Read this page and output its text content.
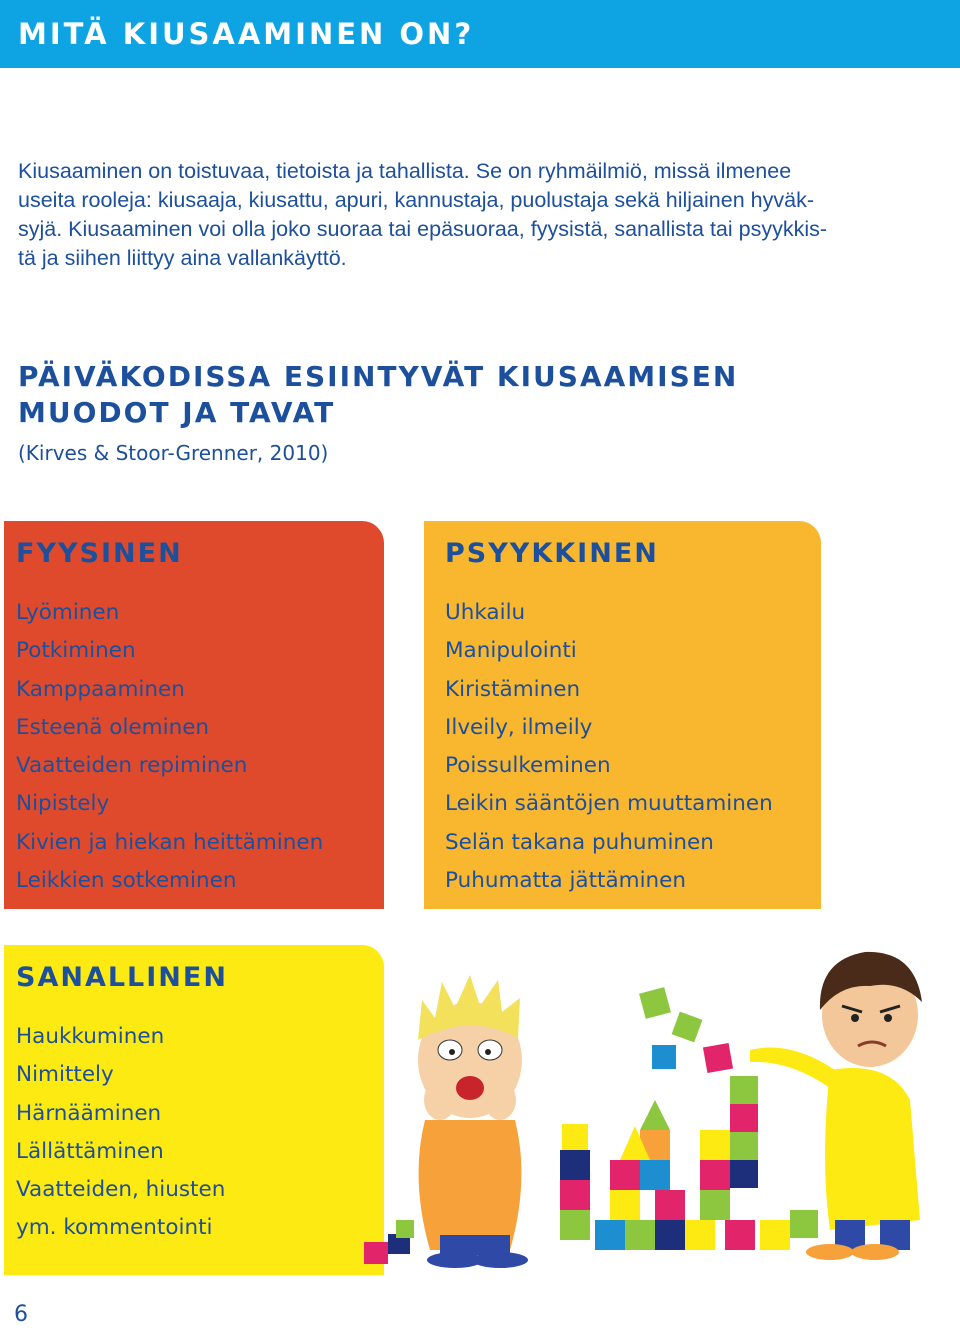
MITÄ KIUSAAMINEN ON?
Kiusaaminen on toistuvaa, tietoista ja tahallista. Se on ryhmäilmiö, missä ilmenee
useita rooleja: kiusaaja, kiusattu, apuri, kannustaja, puolustaja sekä hiljainen hyväk-
syjä. Kiusaaminen voi olla joko suoraa tai epäsuoraa, fyysistä, sanallista tai psyykkis-
tä ja siihen liittyy aina vallankäyttö.
PÄIVÄKODISSA ESIINTYVÄT KIUSAAMISEN
MUODOT JA TAVAT
(Kirves & Stoor-Grenner, 2010)
FYYSINEN
Lyöminen
Potkiminen
Kamppaaminen
Esteenä oleminen
Vaatteiden repiminen
Nipistely
Kivien ja hiekan heittäminen
Leikkien sotkeminen
PSYYKKINEN
Uhkailu
Manipulointi
Kiristäminen
Ilveily, ilmeily
Poissulkeminen
Leikin sääntöjen muuttaminen
Selän takana puhuminen
Puhumatta jättäminen
SANALLINEN
Haukkuminen
Nimittely
Härnääminen
Lällättäminen
Vaatteiden, hiusten
ym. kommentointi
6
